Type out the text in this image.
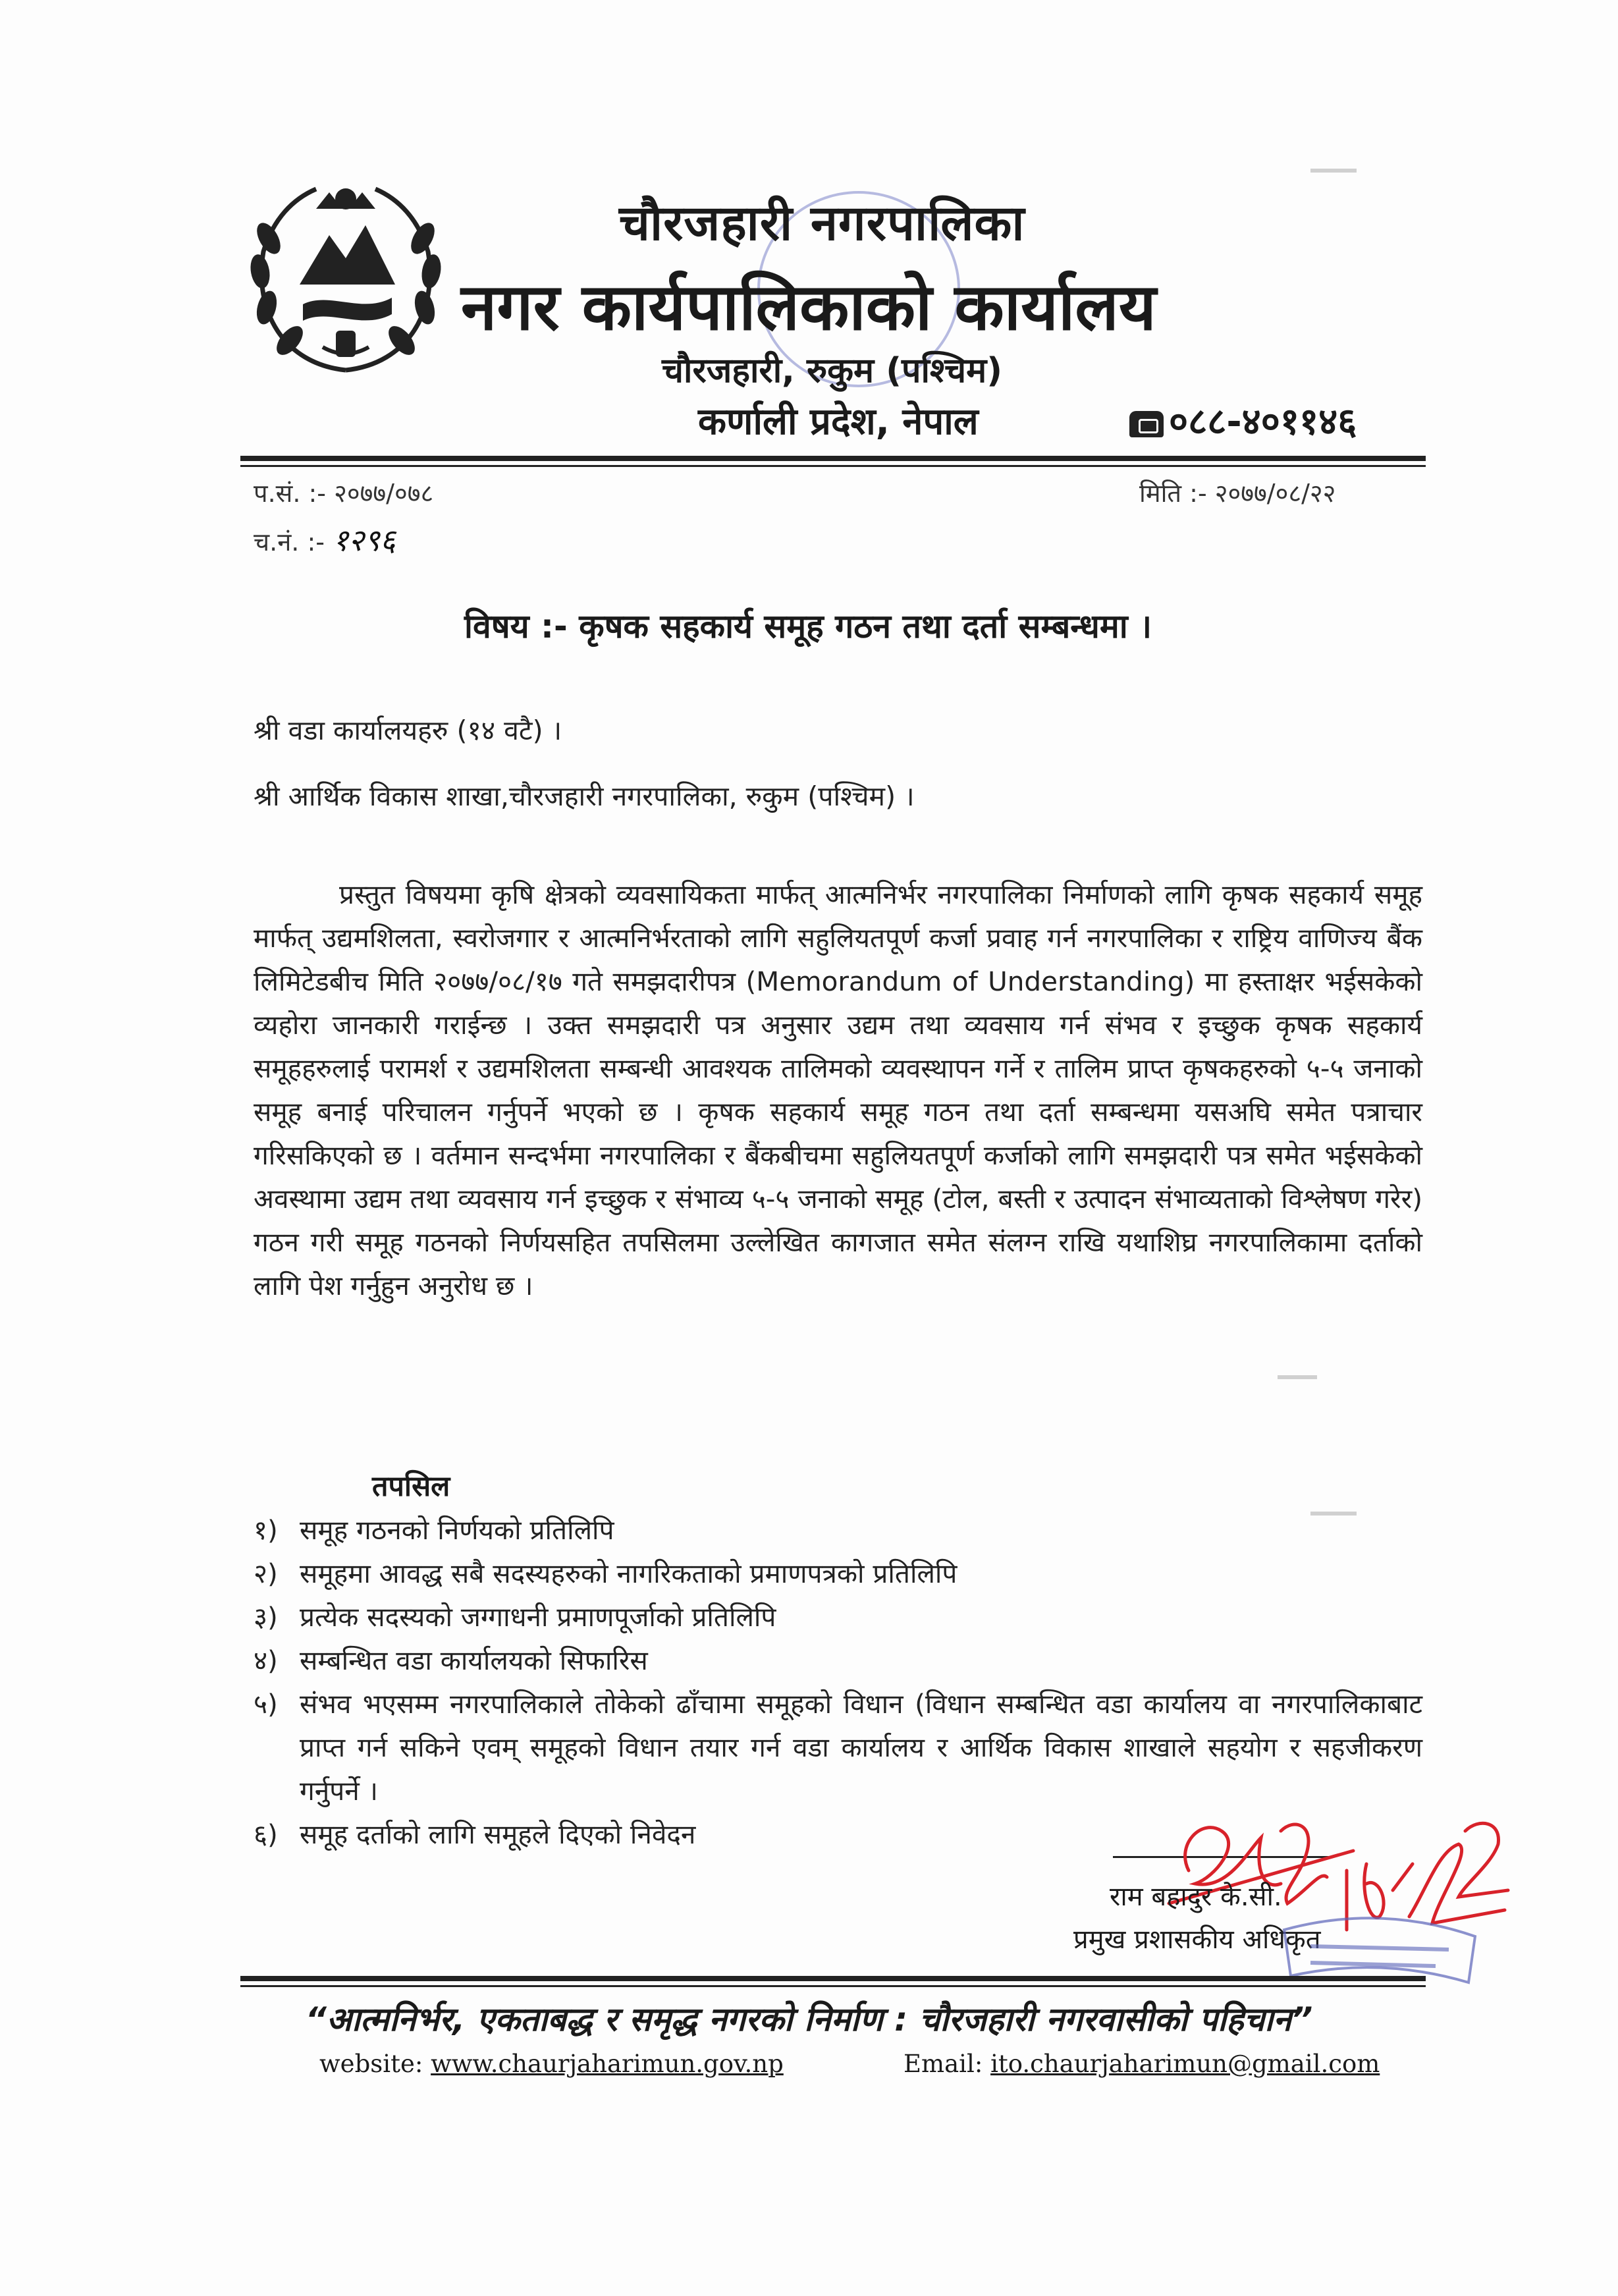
चौरजहारी नगरपालिका
नगर कार्यपालिकाको कार्यालय
चौरजहारी, रुकुम (पश्चिम)
कर्णाली प्रदेश, नेपाल	०८८-४०११४६
प.सं. :- २०७७/०७८	मिति :- २०७७/०८/२२
च.नं. :- १२९६
विषय :- कृषक सहकार्य समूह गठन तथा दर्ता सम्बन्धमा ।
श्री वडा कार्यालयहरु (१४ वटै) ।
श्री आर्थिक विकास शाखा,चौरजहारी नगरपालिका, रुकुम (पश्चिम) ।
प्रस्तुत विषयमा कृषि क्षेत्रको व्यवसायिकता मार्फत् आत्मनिर्भर नगरपालिका निर्माणको लागि कृषक सहकार्य समूह मार्फत् उद्यमशिलता, स्वरोजगार र आत्मनिर्भरताको लागि सहुलियतपूर्ण कर्जा प्रवाह गर्न नगरपालिका र राष्ट्रिय वाणिज्य बैंक लिमिटेडबीच मिति २०७७/०८/१७ गते समझदारीपत्र (Memorandum of Understanding) मा हस्ताक्षर भईसकेको व्यहोरा जानकारी गराईन्छ । उक्त समझदारी पत्र अनुसार उद्यम तथा व्यवसाय गर्न संभव र इच्छुक कृषक सहकार्य समूहहरुलाई परामर्श र उद्यमशिलता सम्बन्धी आवश्यक तालिमको व्यवस्थापन गर्ने र तालिम प्राप्त कृषकहरुको ५-५ जनाको समूह बनाई परिचालन गर्नुपर्ने भएको छ । कृषक सहकार्य समूह गठन तथा दर्ता सम्बन्धमा यसअघि समेत पत्राचार गरिसकिएको छ । वर्तमान सन्दर्भमा नगरपालिका र बैंकबीचमा सहुलियतपूर्ण कर्जाको लागि समझदारी पत्र समेत भईसकेको अवस्थामा उद्यम तथा व्यवसाय गर्न इच्छुक र संभाव्य ५-५ जनाको समूह (टोल, बस्ती र उत्पादन संभाव्यताको विश्लेषण गरेर) गठन गरी समूह गठनको निर्णयसहित तपसिलमा उल्लेखित कागजात समेत संलग्न राखि यथाशिघ्र नगरपालिकामा दर्ताको लागि पेश गर्नुहुन अनुरोध छ ।
तपसिल
१) समूह गठनको निर्णयको प्रतिलिपि
२) समूहमा आवद्ध सबै सदस्यहरुको नागरिकताको प्रमाणपत्रको प्रतिलिपि
३) प्रत्येक सदस्यको जग्गाधनी प्रमाणपूर्जाको प्रतिलिपि
४) सम्बन्धित वडा कार्यालयको सिफारिस
५) संभव भएसम्म नगरपालिकाले तोकेको ढाँचामा समूहको विधान (विधान सम्बन्धित वडा कार्यालय वा नगरपालिकाबाट प्राप्त गर्न सकिने एवम् समूहको विधान तयार गर्न वडा कार्यालय र आर्थिक विकास शाखाले सहयोग र सहजीकरण गर्नुपर्ने ।
६) समूह दर्ताको लागि समूहले दिएको निवेदन
राम बहादुर के.सी.
प्रमुख प्रशासकीय अधिकृत
“आत्मनिर्भर, एकताबद्ध र समृद्ध नगरको निर्माण : चौरजहारी नगरवासीको पहिचान”
website: www.chaurjaharimun.gov.np	Email: ito.chaurjaharimun@gmail.com
